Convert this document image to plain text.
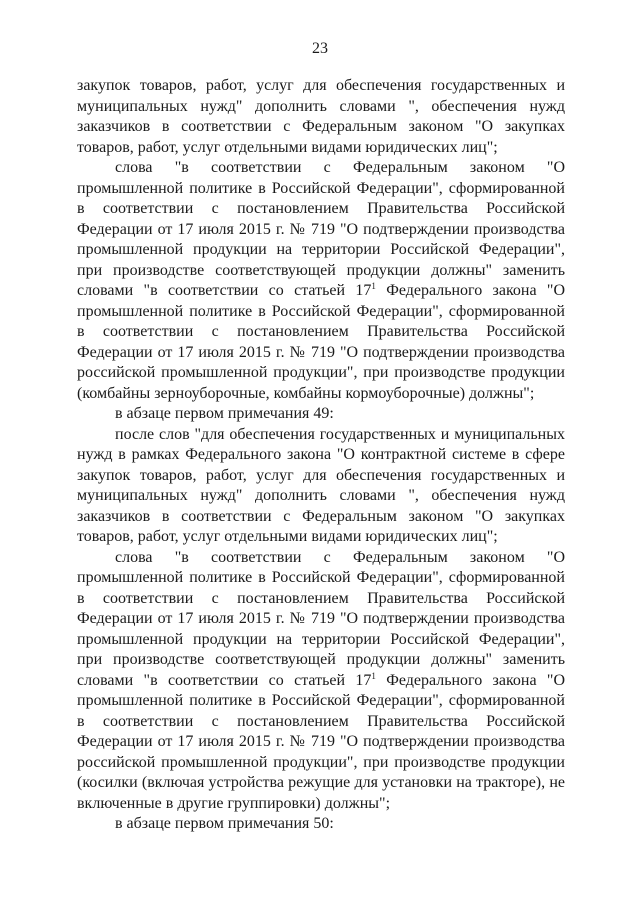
23

закупок товаров, работ, услуг для обеспечения государственных и муниципальных нужд" дополнить словами ", обеспечения нужд заказчиков в соответствии с Федеральным законом "О закупках товаров, работ, услуг отдельными видами юридических лиц";

слова "в соответствии с Федеральным законом "О промышленной политике в Российской Федерации", сформированной в соответствии с постановлением Правительства Российской Федерации от 17 июля 2015 г. № 719 "О подтверждении производства промышленной продукции на территории Российской Федерации", при производстве соответствующей продукции должны" заменить словами "в соответствии со статьей $17^1$ Федерального закона "О промышленной политике в Российской Федерации", сформированной в соответствии с постановлением Правительства Российской Федерации от 17 июля 2015 г. № 719 "О подтверждении производства российской промышленной продукции", при производстве продукции (комбайны зерноуборочные, комбайны кормоуборочные) должны";

в абзаце первом примечания 49:

после слов "для обеспечения государственных и муниципальных нужд в рамках Федерального закона "О контрактной системе в сфере закупок товаров, работ, услуг для обеспечения государственных и муниципальных нужд" дополнить словами ", обеспечения нужд заказчиков в соответствии с Федеральным законом "О закупках товаров, работ, услуг отдельными видами юридических лиц";

слова "в соответствии с Федеральным законом "О промышленной политике в Российской Федерации", сформированной в соответствии с постановлением Правительства Российской Федерации от 17 июля 2015 г. № 719 "О подтверждении производства промышленной продукции на территории Российской Федерации", при производстве соответствующей продукции должны" заменить словами "в соответствии со статьей $17^1$ Федерального закона "О промышленной политике в Российской Федерации", сформированной в соответствии с постановлением Правительства Российской Федерации от 17 июля 2015 г. № 719 "О подтверждении производства российской промышленной продукции", при производстве продукции (косилки (включая устройства режущие для установки на тракторе), не включенные в другие группировки) должны";

в абзаце первом примечания 50:
